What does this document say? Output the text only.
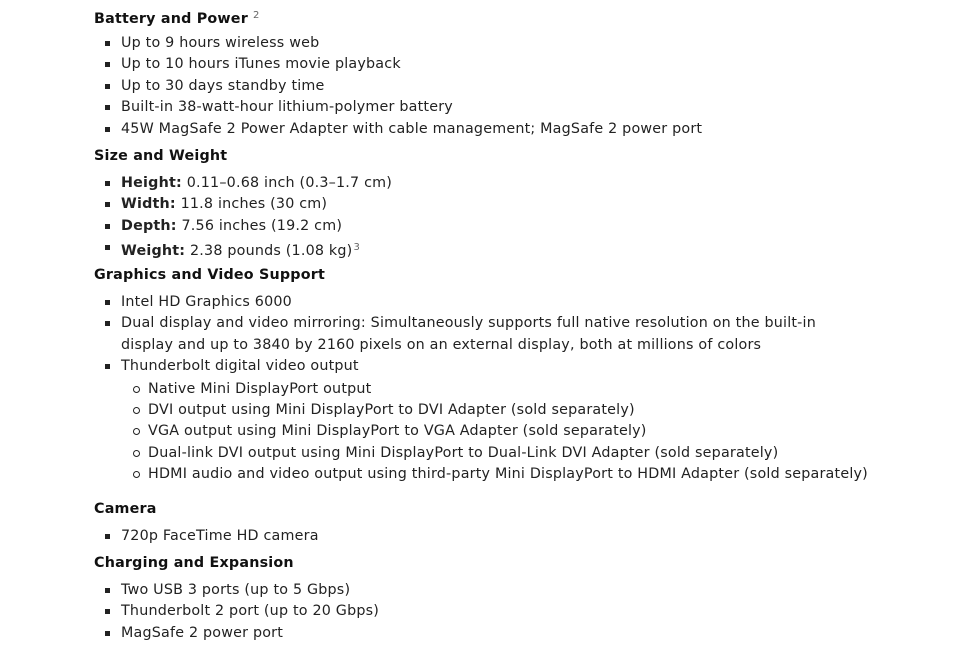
Battery and Power $^2$
Up to 9 hours wireless web
Up to 10 hours iTunes movie playback
Up to 30 days standby time
Built-in 38-watt-hour lithium-polymer battery
45W MagSafe 2 Power Adapter with cable management; MagSafe 2 power port
Size and Weight
Height: 0.11–0.68 inch (0.3–1.7 cm)
Width: 11.8 inches (30 cm)
Depth: 7.56 inches (19.2 cm)
Weight: 2.38 pounds (1.08 kg)$^3$
Graphics and Video Support
Intel HD Graphics 6000
Dual display and video mirroring: Simultaneously supports full native resolution on the built-in display and up to 3840 by 2160 pixels on an external display, both at millions of colors
Thunderbolt digital video output
Native Mini DisplayPort output
DVI output using Mini DisplayPort to DVI Adapter (sold separately)
VGA output using Mini DisplayPort to VGA Adapter (sold separately)
Dual-link DVI output using Mini DisplayPort to Dual-Link DVI Adapter (sold separately)
HDMI audio and video output using third-party Mini DisplayPort to HDMI Adapter (sold separately)
Camera
720p FaceTime HD camera
Charging and Expansion
Two USB 3 ports (up to 5 Gbps)
Thunderbolt 2 port (up to 20 Gbps)
MagSafe 2 power port
